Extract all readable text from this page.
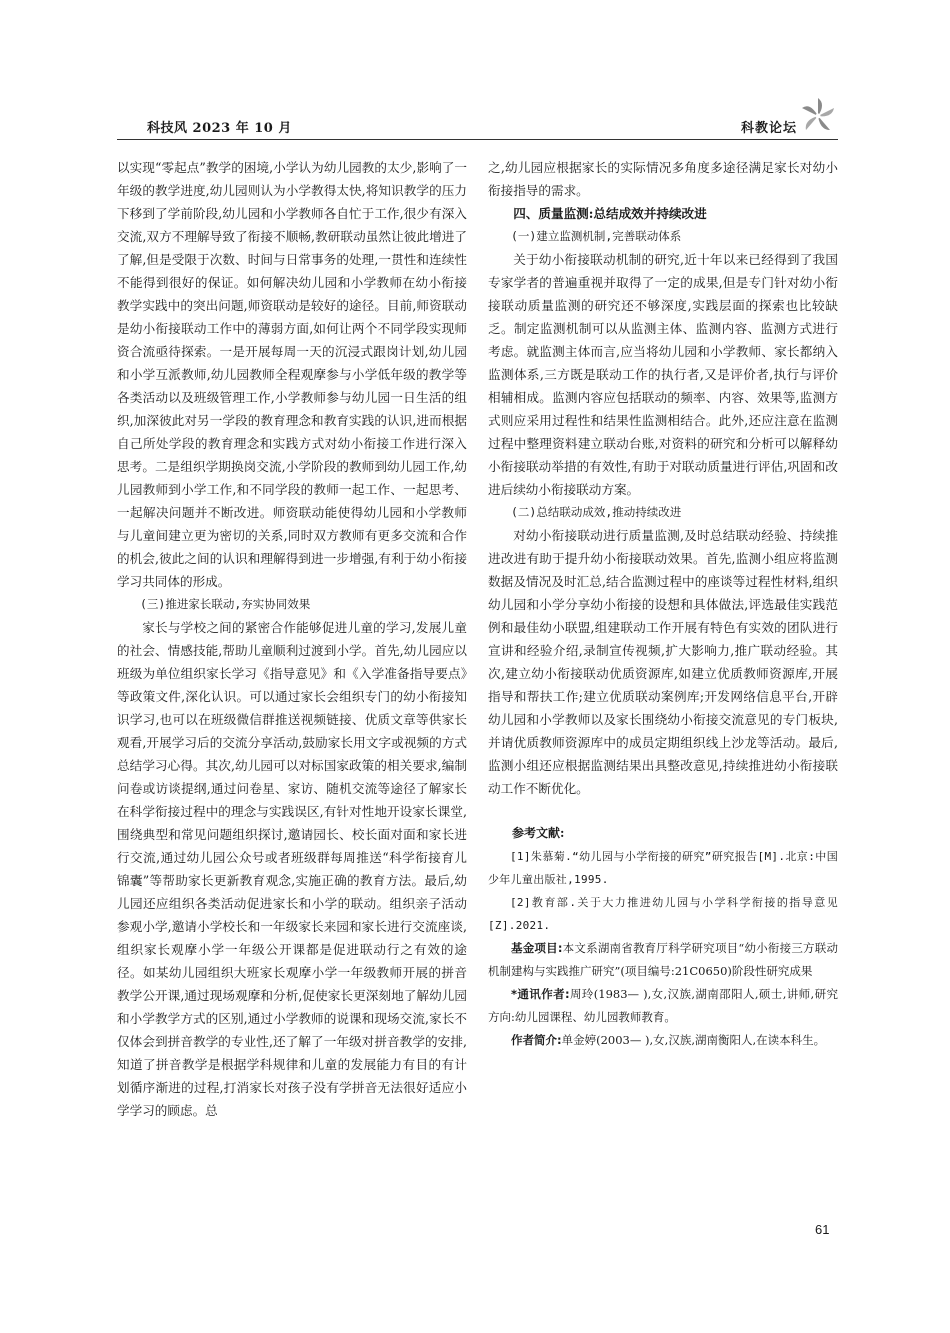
科技风 2023 年 10 月	科教论坛

以实现“零起点”教学的困境,小学认为幼儿园教的太少,影响了一年级的教学进度,幼儿园则认为小学教得太快,将知识教学的压力下移到了学前阶段,幼儿园和小学教师各自忙于工作,很少有深入交流,双方不理解导致了衔接不顺畅,教研联动虽然让彼此增进了了解,但是受限于次数、时间与日常事务的处理,一贯性和连续性不能得到很好的保证。如何解决幼儿园和小学教师在幼小衔接教学实践中的突出问题,师资联动是较好的途径。目前,师资联动是幼小衔接联动工作中的薄弱方面,如何让两个不同学段实现师资合流亟待探索。一是开展每周一天的沉浸式跟岗计划,幼儿园和小学互派教师,幼儿园教师全程观摩参与小学低年级的教学等各类活动以及班级管理工作,小学教师参与幼儿园一日生活的组织,加深彼此对另一学段的教育理念和教育实践的认识,进而根据自己所处学段的教育理念和实践方式对幼小衔接工作进行深入思考。二是组织学期换岗交流,小学阶段的教师到幼儿园工作,幼儿园教师到小学工作,和不同学段的教师一起工作、一起思考、一起解决问题并不断改进。师资联动能使得幼儿园和小学教师与儿童间建立更为密切的关系,同时双方教师有更多交流和合作的机会,彼此之间的认识和理解得到进一步增强,有利于幼小衔接学习共同体的形成。

(三)推进家长联动,夯实协同效果

家长与学校之间的紧密合作能够促进儿童的学习,发展儿童的社会、情感技能,帮助儿童顺利过渡到小学。首先,幼儿园应以班级为单位组织家长学习《指导意见》和《入学准备指导要点》等政策文件,深化认识。可以通过家长会组织专门的幼小衔接知识学习,也可以在班级微信群推送视频链接、优质文章等供家长观看,开展学习后的交流分享活动,鼓励家长用文字或视频的方式总结学习心得。其次,幼儿园可以对标国家政策的相关要求,编制问卷或访谈提纲,通过问卷星、家访、随机交流等途径了解家长在科学衔接过程中的理念与实践误区,有针对性地开设家长课堂,围绕典型和常见问题组织探讨,邀请园长、校长面对面和家长进行交流,通过幼儿园公众号或者班级群每周推送“科学衔接育儿锦囊”等帮助家长更新教育观念,实施正确的教育方法。最后,幼儿园还应组织各类活动促进家长和小学的联动。组织亲子活动参观小学,邀请小学校长和一年级家长来园和家长进行交流座谈,组织家长观摩小学一年级公开课都是促进联动行之有效的途径。如某幼儿园组织大班家长观摩小学一年级教师开展的拼音教学公开课,通过现场观摩和分析,促使家长更深刻地了解幼儿园和小学教学方式的区别,通过小学教师的说课和现场交流,家长不仅体会到拼音教学的专业性,还了解了一年级对拼音教学的安排,知道了拼音教学是根据学科规律和儿童的发展能力有目的有计划循序渐进的过程,打消家长对孩子没有学拼音无法很好适应小学学习的顾虑。总

之,幼儿园应根据家长的实际情况多角度多途径满足家长对幼小衔接指导的需求。

四、质量监测:总结成效并持续改进

(一)建立监测机制,完善联动体系

关于幼小衔接联动机制的研究,近十年以来已经得到了我国专家学者的普遍重视并取得了一定的成果,但是专门针对幼小衔接联动质量监测的研究还不够深度,实践层面的探索也比较缺乏。制定监测机制可以从监测主体、监测内容、监测方式进行考虑。就监测主体而言,应当将幼儿园和小学教师、家长都纳入监测体系,三方既是联动工作的执行者,又是评价者,执行与评价相辅相成。监测内容应包括联动的频率、内容、效果等,监测方式则应采用过程性和结果性监测相结合。此外,还应注意在监测过程中整理资料建立联动台账,对资料的研究和分析可以解释幼小衔接联动举措的有效性,有助于对联动质量进行评估,巩固和改进后续幼小衔接联动方案。

(二)总结联动成效,推动持续改进

对幼小衔接联动进行质量监测,及时总结联动经验、持续推进改进有助于提升幼小衔接联动效果。首先,监测小组应将监测数据及情况及时汇总,结合监测过程中的座谈等过程性材料,组织幼儿园和小学分享幼小衔接的设想和具体做法,评选最佳实践范例和最佳幼小联盟,组建联动工作开展有特色有实效的团队进行宣讲和经验介绍,录制宣传视频,扩大影响力,推广联动经验。其次,建立幼小衔接联动优质资源库,如建立优质教师资源库,开展指导和帮扶工作;建立优质联动案例库;开发网络信息平台,开辟幼儿园和小学教师以及家长围绕幼小衔接交流意见的专门板块,并请优质教师资源库中的成员定期组织线上沙龙等活动。最后,监测小组还应根据监测结果出具整改意见,持续推进幼小衔接联动工作不断优化。

参考文献:

[1]朱慕菊.“幼儿园与小学衔接的研究”研究报告[M].北京:中国少年儿童出版社,1995.

[2]教育部.关于大力推进幼儿园与小学科学衔接的指导意见[Z].2021.

基金项目:本文系湖南省教育厅科学研究项目“幼小衔接三方联动机制建构与实践推广研究”(项目编号:21C0650)阶段性研究成果

*通讯作者:周玲(1983— ),女,汉族,湖南邵阳人,硕士,讲师,研究方向:幼儿园课程、幼儿园教师教育。

作者简介:单金婷(2003— ),女,汉族,湖南衡阳人,在读本科生。

61
